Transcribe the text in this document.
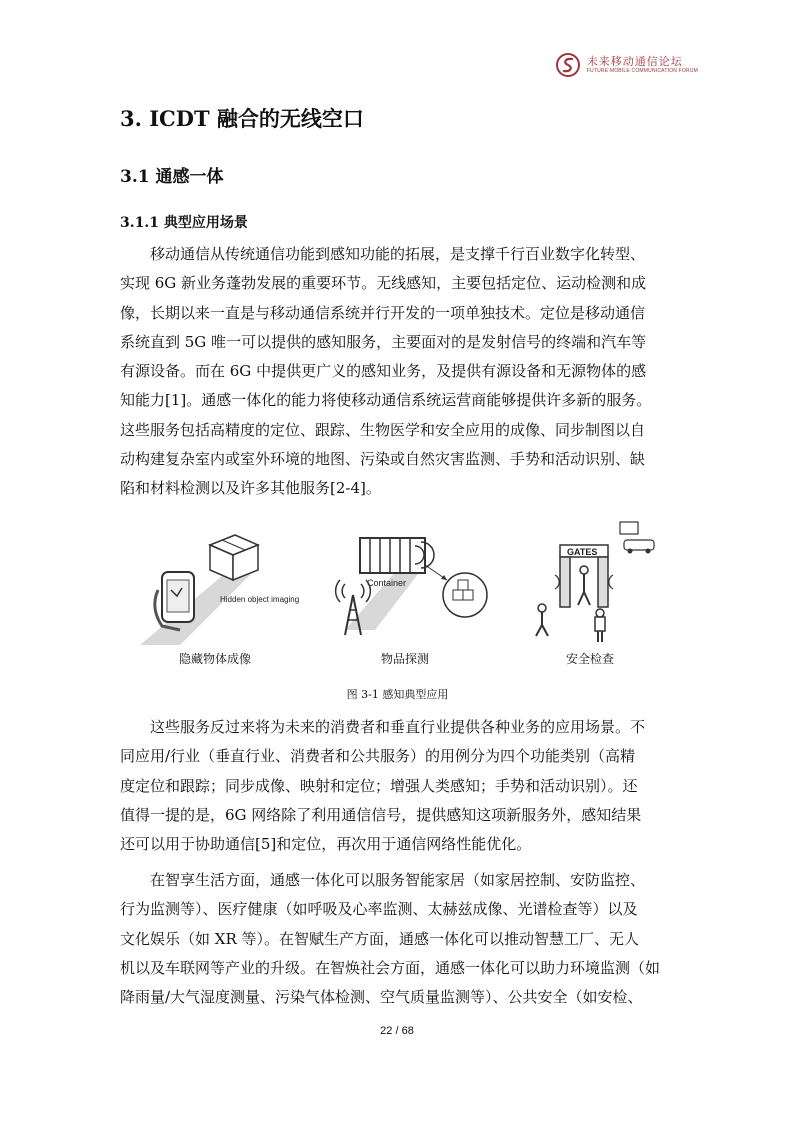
未来移动通信论坛
FUTURE MOBILE COMMUNICATION FORUM
3. ICDT 融合的无线空口
3.1 通感一体
3.1.1 典型应用场景

移动通信从传统通信功能到感知功能的拓展，是支撑千行百业数字化转型、
实现 6G 新业务蓬勃发展的重要环节。无线感知，主要包括定位、运动检测和成
像，长期以来一直是与移动通信系统并行开发的一项单独技术。定位是移动通信
系统直到 5G 唯一可以提供的感知服务，主要面对的是发射信号的终端和汽车等
有源设备。而在 6G 中提供更广义的感知业务，及提供有源设备和无源物体的感
知能力[1]。通感一体化的能力将使移动通信系统运营商能够提供许多新的服务。
这些服务包括高精度的定位、跟踪、生物医学和安全应用的成像、同步制图以自
动构建复杂室内或室外环境的地图、污染或自然灾害监测、手势和活动识别、缺
陷和材料检测以及许多其他服务[2-4]。

Hidden object imaging
Container
GATES
隐藏物体成像	物品探测	安全检查
图 3-1 感知典型应用

这些服务反过来将为未来的消费者和垂直行业提供各种业务的应用场景。不
同应用/行业（垂直行业、消费者和公共服务）的用例分为四个功能类别（高精
度定位和跟踪；同步成像、映射和定位；增强人类感知；手势和活动识别）。还
值得一提的是，6G 网络除了利用通信信号，提供感知这项新服务外，感知结果
还可以用于协助通信[5]和定位，再次用于通信网络性能优化。

在智享生活方面，通感一体化可以服务智能家居（如家居控制、安防监控、
行为监测等）、医疗健康（如呼吸及心率监测、太赫兹成像、光谱检查等）以及
文化娱乐（如 XR 等）。在智赋生产方面，通感一体化可以推动智慧工厂、无人
机以及车联网等产业的升级。在智焕社会方面，通感一体化可以助力环境监测（如
降雨量/大气湿度测量、污染气体检测、空气质量监测等）、公共安全（如安检、

22 / 68
